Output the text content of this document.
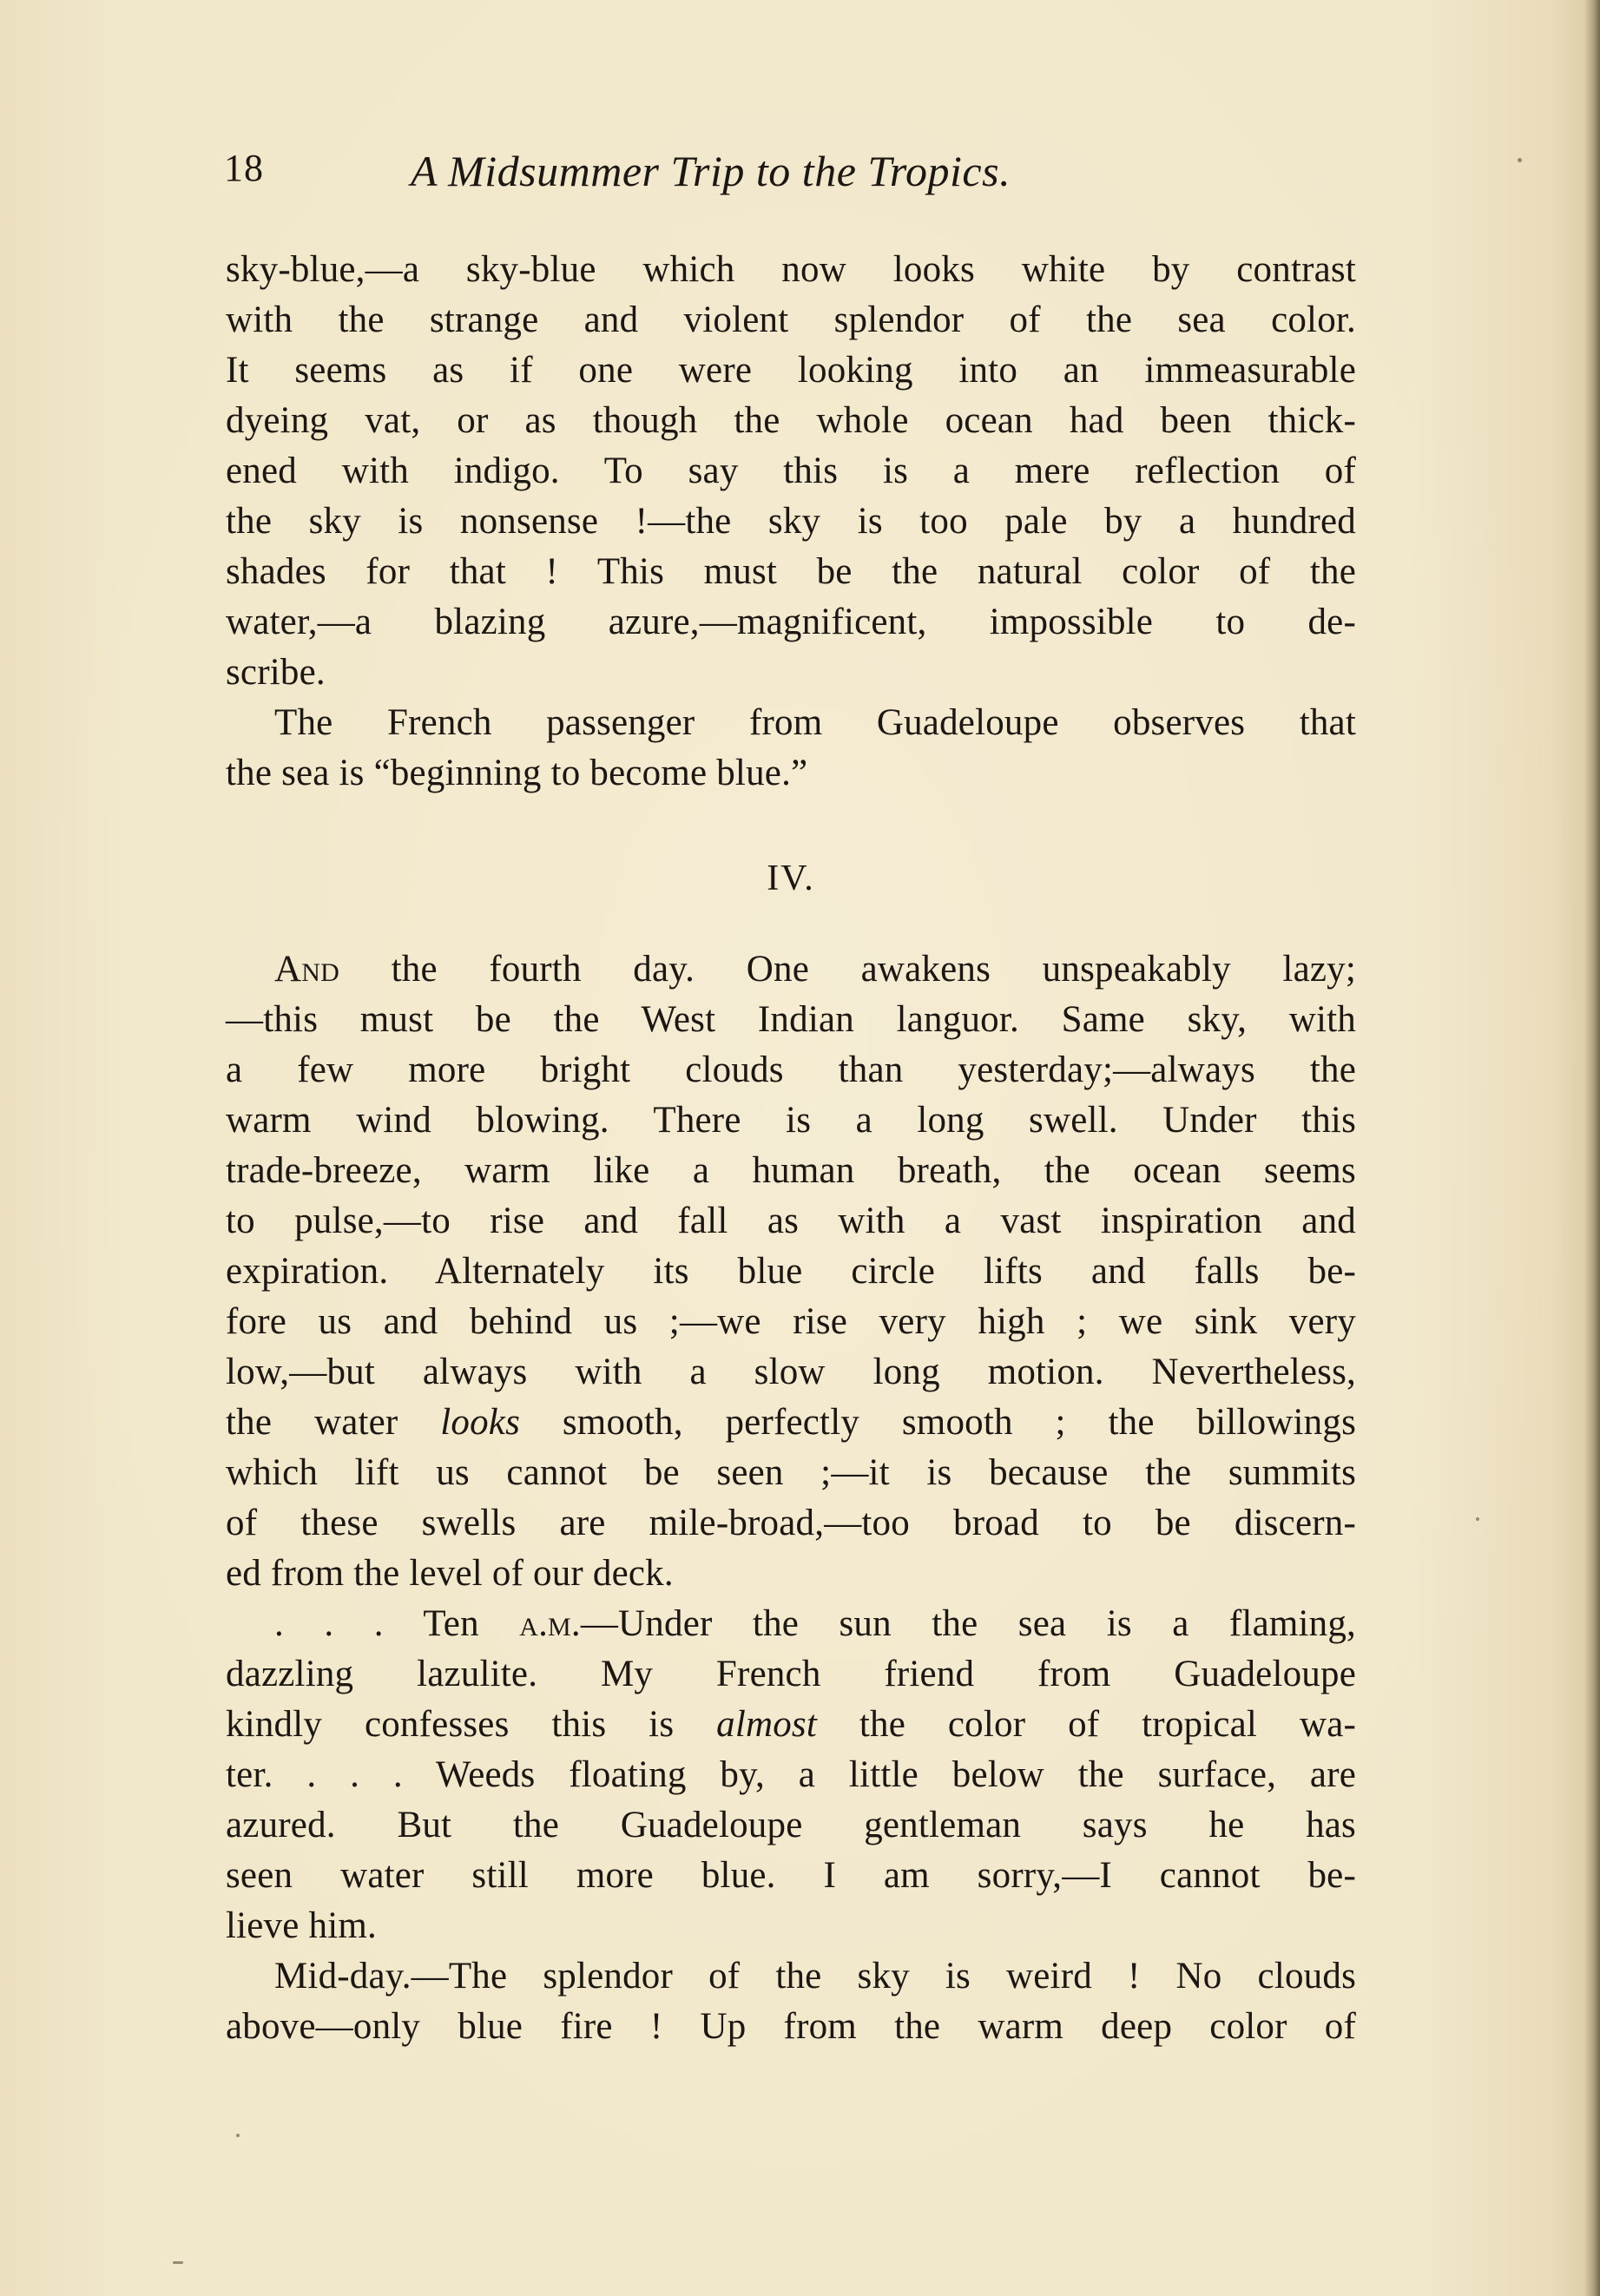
18	A Midsummer Trip to the Tropics.
sky-blue,—a sky-blue which now looks white by contrast
with the strange and violent splendor of the sea color.
It seems as if one were looking into an immeasurable
dyeing vat, or as though the whole ocean had been thick-
ened with indigo. To say this is a mere reflection of
the sky is nonsense !—the sky is too pale by a hundred
shades for that ! This must be the natural color of the
water,—a blazing azure,—magnificent, impossible to de-
scribe.
The French passenger from Guadeloupe observes that
the sea is “beginning to become blue.”
IV.
And the fourth day. One awakens unspeakably lazy;
—this must be the West Indian languor. Same sky, with
a few more bright clouds than yesterday;—always the
warm wind blowing. There is a long swell. Under this
trade-breeze, warm like a human breath, the ocean seems
to pulse,—to rise and fall as with a vast inspiration and
expiration. Alternately its blue circle lifts and falls be-
fore us and behind us ;—we rise very high ; we sink very
low,—but always with a slow long motion. Nevertheless,
the water looks smooth, perfectly smooth ; the billowings
which lift us cannot be seen ;—it is because the summits
of these swells are mile-broad,—too broad to be discern-
ed from the level of our deck.
. . . Ten a.m.—Under the sun the sea is a flaming,
dazzling lazulite. My French friend from Guadeloupe
kindly confesses this is almost the color of tropical wa-
ter. . . . Weeds floating by, a little below the surface, are
azured. But the Guadeloupe gentleman says he has
seen water still more blue. I am sorry,—I cannot be-
lieve him.
Mid-day.—The splendor of the sky is weird ! No clouds
above—only blue fire ! Up from the warm deep color of
